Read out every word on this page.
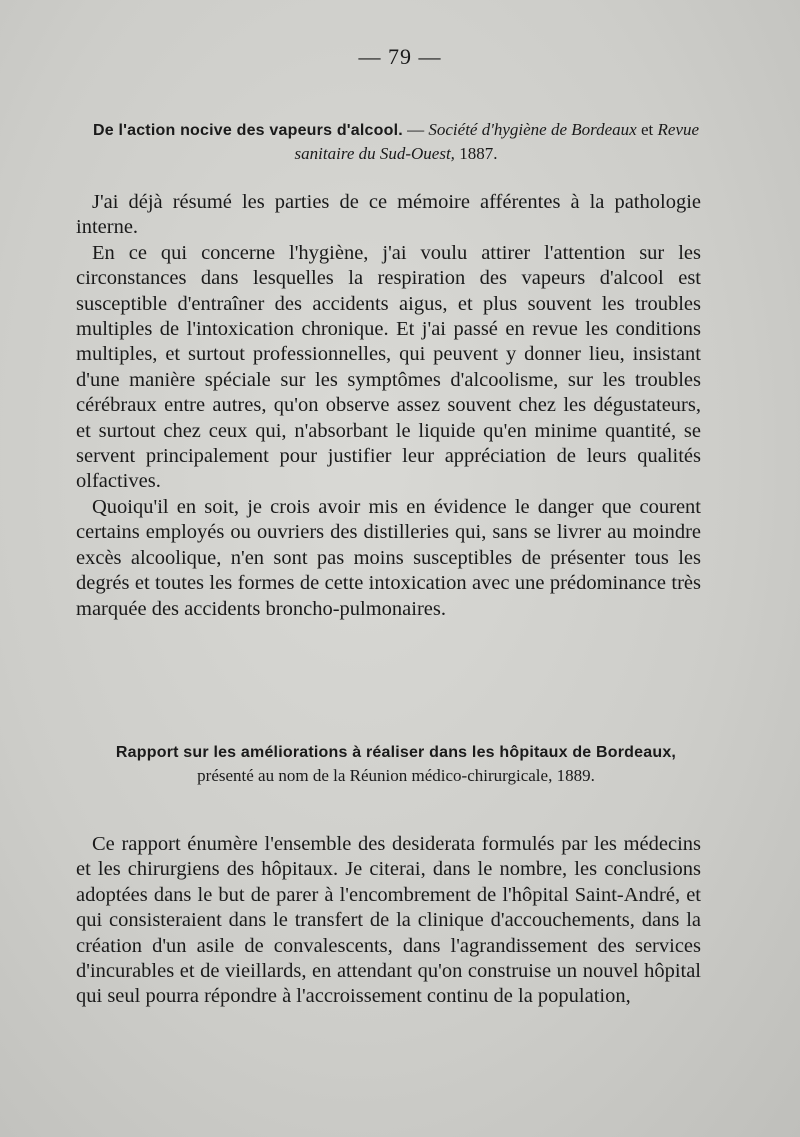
— 79 —
De l'action nocive des vapeurs d'alcool. — Société d'hygiène de Bordeaux et Revue sanitaire du Sud-Ouest, 1887.

J'ai déjà résumé les parties de ce mémoire afférentes à la pathologie interne.

En ce qui concerne l'hygiène, j'ai voulu attirer l'attention sur les circonstances dans lesquelles la respiration des vapeurs d'alcool est susceptible d'entraîner des accidents aigus, et plus souvent les troubles multiples de l'intoxication chronique. Et j'ai passé en revue les conditions multiples, et surtout professionnelles, qui peuvent y donner lieu, insistant d'une manière spéciale sur les symptômes d'alcoolisme, sur les troubles cérébraux entre autres, qu'on observe assez souvent chez les dégustateurs, et surtout chez ceux qui, n'absorbant le liquide qu'en minime quantité, se servent principalement pour justifier leur appréciation de leurs qualités olfactives.

Quoiqu'il en soit, je crois avoir mis en évidence le danger que courent certains employés ou ouvriers des distilleries qui, sans se livrer au moindre excès alcoolique, n'en sont pas moins susceptibles de présenter tous les degrés et toutes les formes de cette intoxication avec une prédominance très marquée des accidents broncho-pulmonaires.

Rapport sur les améliorations à réaliser dans les hôpitaux de Bordeaux,
présenté au nom de la Réunion médico-chirurgicale, 1889.

Ce rapport énumère l'ensemble des desiderata formulés par les médecins et les chirurgiens des hôpitaux. Je citerai, dans le nombre, les conclusions adoptées dans le but de parer à l'encombrement de l'hôpital Saint-André, et qui consisteraient dans le transfert de la clinique d'accouchements, dans la création d'un asile de convalescents, dans l'agrandissement des services d'incurables et de vieillards, en attendant qu'on construise un nouvel hôpital qui seul pourra répondre à l'accroissement continu de la population,
